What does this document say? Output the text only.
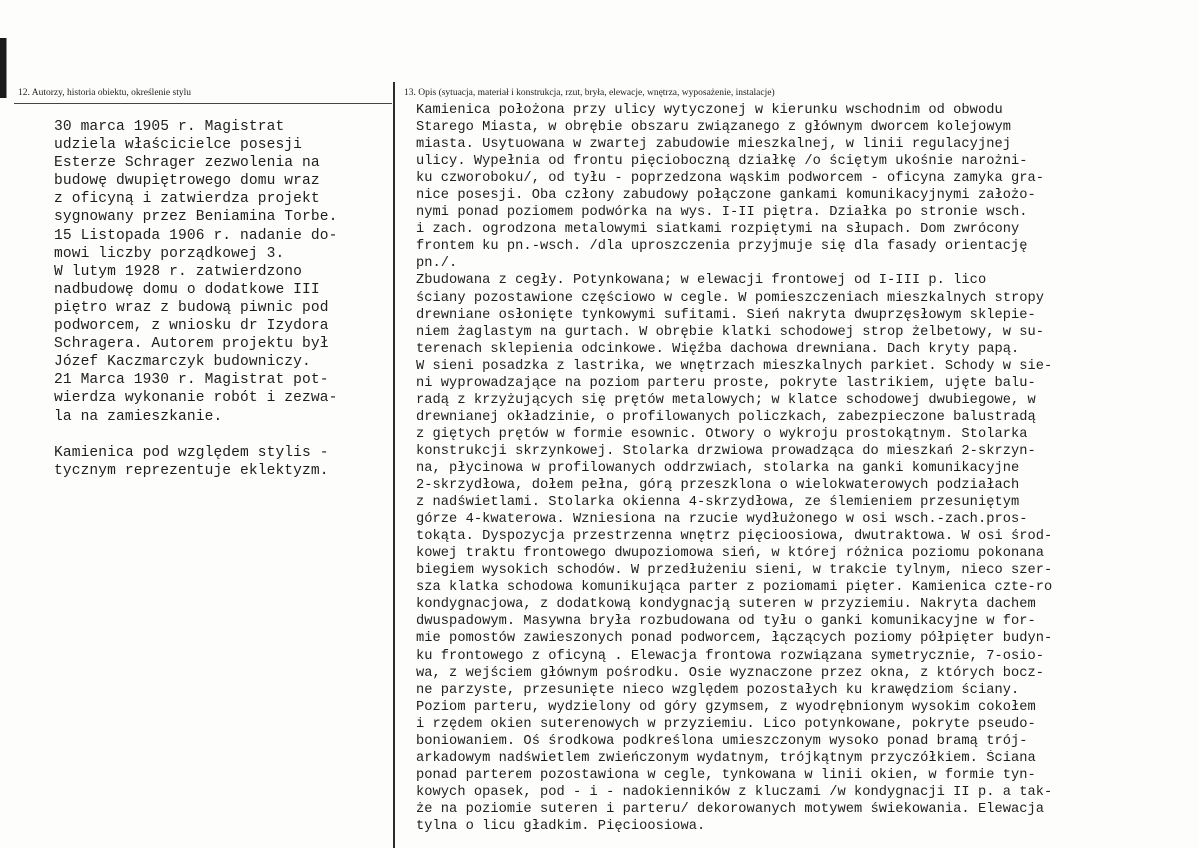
12. Autorzy, historia obiektu, określenie stylu
30 marca 1905 r. Magistrat
udziela właścicielce posesji
Esterze Schrager zezwolenia na
budowę dwupiętrowego domu wraz
z oficyną i zatwierdza projekt
sygnowany przez Beniamina Torbe.
15 Listopada 1906 r. nadanie do-
mowi liczby porządkowej 3.
W lutym 1928 r. zatwierdzono
nadbudowę domu o dodatkowe III
piętro wraz z budową piwnic pod
podworcem, z wniosku dr Izydora
Schragera. Autorem projektu był
Józef Kaczmarczyk budowniczy.
21 Marca 1930 r. Magistrat pot-
wierdza wykonanie robót i zezwa-
la na zamieszkanie.
Kamienica pod względem stylis -
tycznym reprezentuje eklektyzm.
13. Opis (sytuacja, materiał i konstrukcja, rzut, bryła, elewacje, wnętrza, wyposażenie, instalacje)
Kamienica położona przy ulicy wytyczonej w kierunku wschodnim od obwodu
Starego Miasta, w obrębie obszaru związanego z głównym dworcem kolejowym
miasta. Usytuowana w zwartej zabudowie mieszkalnej, w linii regulacyjnej
ulicy. Wypełnia od frontu pięcioboczną działkę /o ściętym ukośnie narożni-
ku czworoboku/, od tyłu - poprzedzona wąskim podworcem - oficyna zamyka gra-
nice posesji. Oba człony zabudowy połączone gankami komunikacyjnymi założo-
nymi ponad poziomem podwórka na wys. I-II piętra. Działka po stronie wsch.
i zach. ogrodzona metalowymi siatkami rozpiętymi na słupach. Dom zwrócony
frontem ku pn.-wsch. /dla uproszczenia przyjmuje się dla fasady orientację
pn./.
Zbudowana z cegły. Potynkowana; w elewacji frontowej od I-III p. lico
ściany pozostawione częściowo w cegle. W pomieszczeniach mieszkalnych stropy
drewniane osłonięte tynkowymi sufitami. Sień nakryta dwuprzęsłowym sklepie-
niem żaglastym na gurtach. W obrębie klatki schodowej strop żelbetowy, w su-
terenach sklepienia odcinkowe. Więźba dachowa drewniana. Dach kryty papą.
W sieni posadzka z lastrika, we wnętrzach mieszkalnych parkiet. Schody w sie-
ni wyprowadzające na poziom parteru proste, pokryte lastrikiem, ujęte balu-
radą z krzyżujących się prętów metalowych; w klatce schodowej dwubiegowe, w
drewnianej okładzinie, o profilowanych policzkach, zabezpieczone balustradą
z giętych prętów w formie esownic. Otwory o wykroju prostokątnym. Stolarka
konstrukcji skrzynkowej. Stolarka drzwiowa prowadząca do mieszkań 2-skrzyn-
na, płycinowa w profilowanych oddrzwiach, stolarka na ganki komunikacyjne
2-skrzydłowa, dołem pełna, górą przeszklona o wielokwaterowych podziałach
z nadświetlami. Stolarka okienna 4-skrzydłowa, ze ślemieniem przesuniętym
górze 4-kwaterowa. Wzniesiona na rzucie wydłużonego w osi wsch.-zach.pros-
tokąta. Dyspozycja przestrzenna wnętrz pięcioosiowa, dwutraktowa. W osi środ-
kowej traktu frontowego dwupoziomowa sień, w której różnica poziomu pokonana
biegiem wysokich schodów. W przedłużeniu sieni, w trakcie tylnym, nieco szer-
sza klatka schodowa komunikująca parter z poziomami pięter. Kamienica czte-ro
kondygnacjowa, z dodatkową kondygnacją suteren w przyziemiu. Nakryta dachem
dwuspadowym. Masywna bryła rozbudowana od tyłu o ganki komunikacyjne w for-
mie pomostów zawieszonych ponad podworcem, łączących poziomy półpięter budyn-
ku frontowego z oficyną . Elewacja frontowa rozwiązana symetrycznie, 7-osio-
wa, z wejściem głównym pośrodku. Osie wyznaczone przez okna, z których bocz-
ne parzyste, przesunięte nieco względem pozostałych ku krawędziom ściany.
Poziom parteru, wydzielony od góry gzymsem, z wyodrębnionym wysokim cokołem
i rzędem okien suterenowych w przyziemiu. Lico potynkowane, pokryte pseudo-
boniowaniem. Oś środkowa podkreślona umieszczonym wysoko ponad bramą trój-
arkadowym nadświetlem zwieńczonym wydatnym, trójkątnym przyczółkiem. Ściana
ponad parterem pozostawiona w cegle, tynkowana w linii okien, w formie tyn-
kowych opasek, pod - i - nadokienników z kluczami /w kondygnacji II p. a tak-
że na poziomie suteren i parteru/ dekorowanych motywem świekowania. Elewacja
tylna o licu gładkim. Pięcioosiowa.
